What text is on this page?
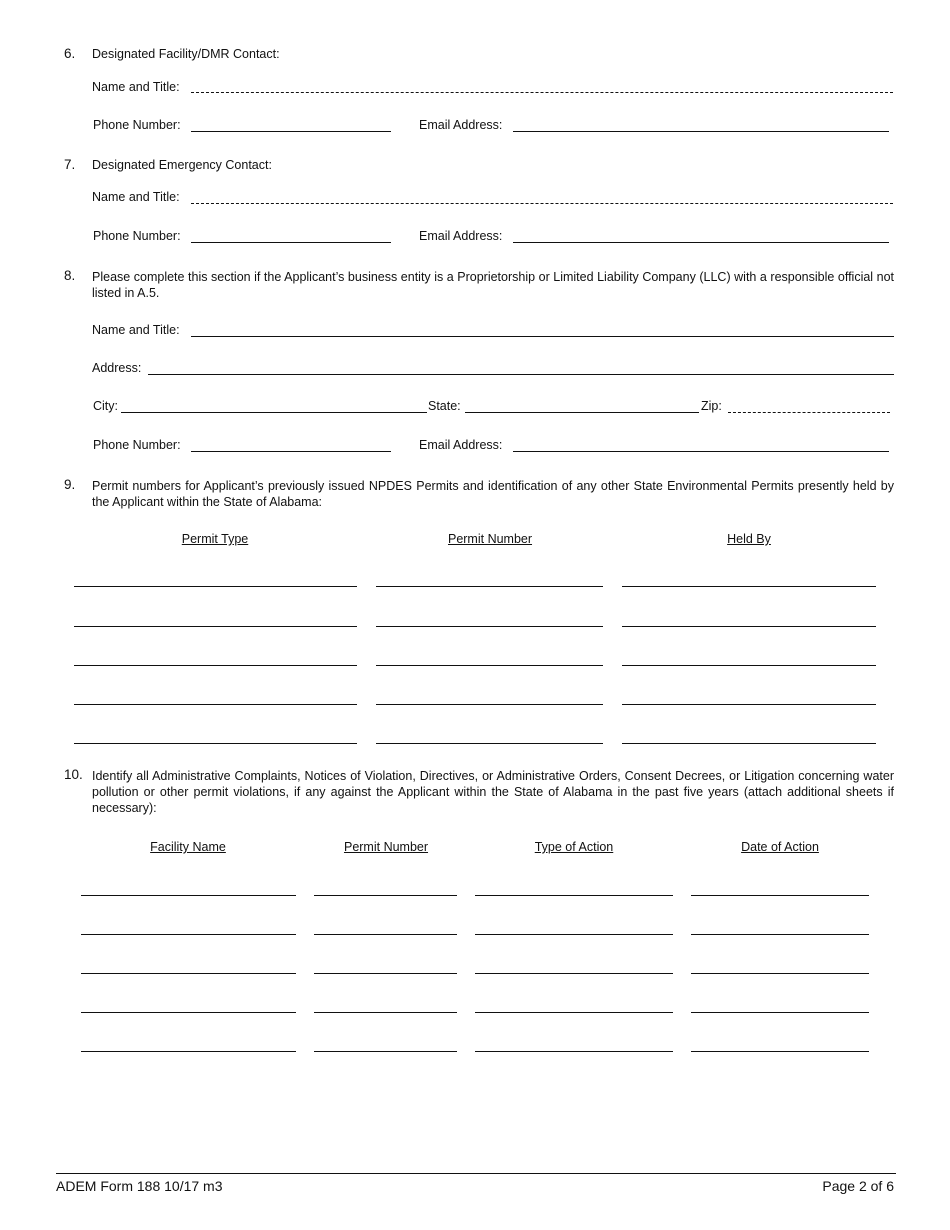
6. Designated Facility/DMR Contact:
Name and Title:
Phone Number:	Email Address:
7. Designated Emergency Contact:
Name and Title:
Phone Number:	Email Address:
8. Please complete this section if the Applicant’s business entity is a Proprietorship or Limited Liability Company (LLC) with a responsible official not listed in A.5.
Name and Title:
Address:
City:	State:	Zip:
Phone Number:	Email Address:
9. Permit numbers for Applicant’s previously issued NPDES Permits and identification of any other State Environmental Permits presently held by the Applicant within the State of Alabama:
Permit Type	Permit Number	Held By
10. Identify all Administrative Complaints, Notices of Violation, Directives, or Administrative Orders, Consent Decrees, or Litigation concerning water pollution or other permit violations, if any against the Applicant within the State of Alabama in the past five years (attach additional sheets if necessary):
Facility Name	Permit Number	Type of Action	Date of Action
ADEM Form 188 10/17 m3	Page 2 of 6
